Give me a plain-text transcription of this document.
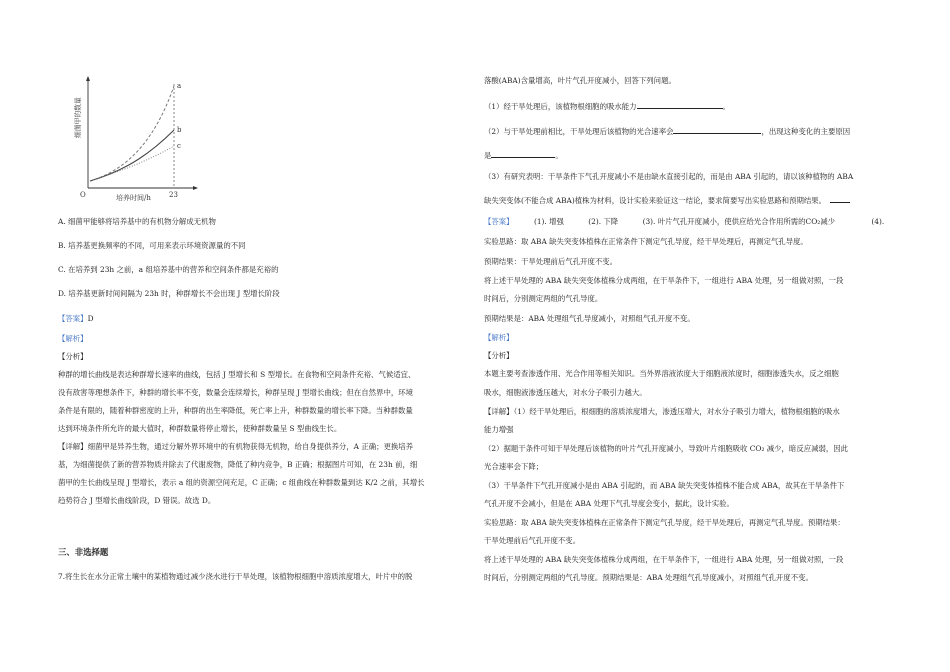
a
b
c
O	23
培养时间/h
细菌甲的数量
A. 细菌甲能够将培养基中的有机物分解成无机物
B. 培养基更换频率的不同，可用来表示环境资源量的不同
C. 在培养到 23h 之前，a 组培养基中的营养和空间条件都是充裕的
D. 培养基更新时间间隔为 23h 时，种群增长不会出现 J 型增长阶段
【答案】D
【解析】
【分析】
种群的增长曲线是表达种群增长速率的曲线，包括 J 型增长和 S 型增长。在食物和空间条件充裕、气候适宜、
没有敌害等理想条件下，种群的增长率不变，数量会连续增长，种群呈现 J 型增长曲线；但在自然界中，环境
条件是有限的，随着种群密度的上升，种群的出生率降低，死亡率上升，种群数量的增长率下降。当种群数量
达到环境条件所允许的最大值时，种群数量将停止增长，使种群数量呈 S 型曲线生长。
【详解】细菌甲是异养生物，通过分解外界环境中的有机物获得无机物，给自身提供养分，A 正确；更换培养
基，为细菌提供了新的营养物质并除去了代谢废物，降低了种内竞争，B 正确；根据图片可知，在 23h 前，细
菌甲的生长曲线呈现 J 型增长，表示 a 组的资源空间充足，C 正确；c 组曲线在种群数量到达 K/2 之前，其增长
趋势符合 J 型增长曲线阶段，D 错误。故选 D。
三、非选择题
7.将生长在水分正常土壤中的某植物通过减少浇水进行干旱处理，该植物根细胞中溶质浓度增大，叶片中的脱
落酸(ABA)含量增高，叶片气孔开度减小，回答下列问题。
（1）经干旱处理后，该植物根细胞的吸水能力	。
（2）与干旱处理前相比，干旱处理后该植物的光合速率会	，出现这种变化的主要原因
是	。
（3）有研究表明：干旱条件下气孔开度减小不是由缺水直接引起的，而是由 ABA 引起的，请以该种植物的 ABA
缺失突变体(不能合成 ABA)植株为材料，设计实验来验证这一结论，要求简要写出实验思路和预期结果。
【答案】	(1). 增强	(2). 下降	(3). 叶片气孔开度减小，使供应给光合作用所需的CO₂减少	(4).
实验思路：取 ABA 缺失突变体植株在正常条件下测定气孔导度，经干旱处理后，再测定气孔导度。
预期结果：干旱处理前后气孔开度不变。
将上述干旱处理的 ABA 缺失突变体植株分成两组，在干旱条件下，一组进行 ABA 处理，另一组做对照，一段
时间后，分别测定两组的气孔导度。
预期结果是：ABA 处理组气孔导度减小，对照组气孔开度不变。
【解析】
【分析】
本题主要考查渗透作用、光合作用等相关知识。当外界溶液浓度大于细胞液浓度时，细胞渗透失水，反之细胞
吸水，细胞液渗透压越大，对水分子吸引力越大。
【详解】（1）经干旱处理后，根细胞的溶质浓度增大，渗透压增大，对水分子吸引力增大，植物根细胞的吸水
能力增强
（2）据题干条件可知干旱处理后该植物的叶片气孔开度减小，导致叶片细胞吸收 CO₂ 减少，暗反应减弱，因此
光合速率会下降；
（3）干旱条件下气孔开度减小是由 ABA 引起的，而 ABA 缺失突变体植株不能合成 ABA，故其在干旱条件下
气孔开度不会减小，但是在 ABA 处理下气孔导度会变小，据此，设计实验。
实验思路：取 ABA 缺失突变体植株在正常条件下测定气孔导度，经干旱处理后，再测定气孔导度。预期结果：
干旱处理前后气孔开度不变。
将上述干旱处理的 ABA 缺失突变体植株分成两组，在干旱条件下，一组进行 ABA 处理，另一组做对照，一段
时间后，分别测定两组的气孔导度。预期结果是：ABA 处理组气孔导度减小，对照组气孔开度不变。
